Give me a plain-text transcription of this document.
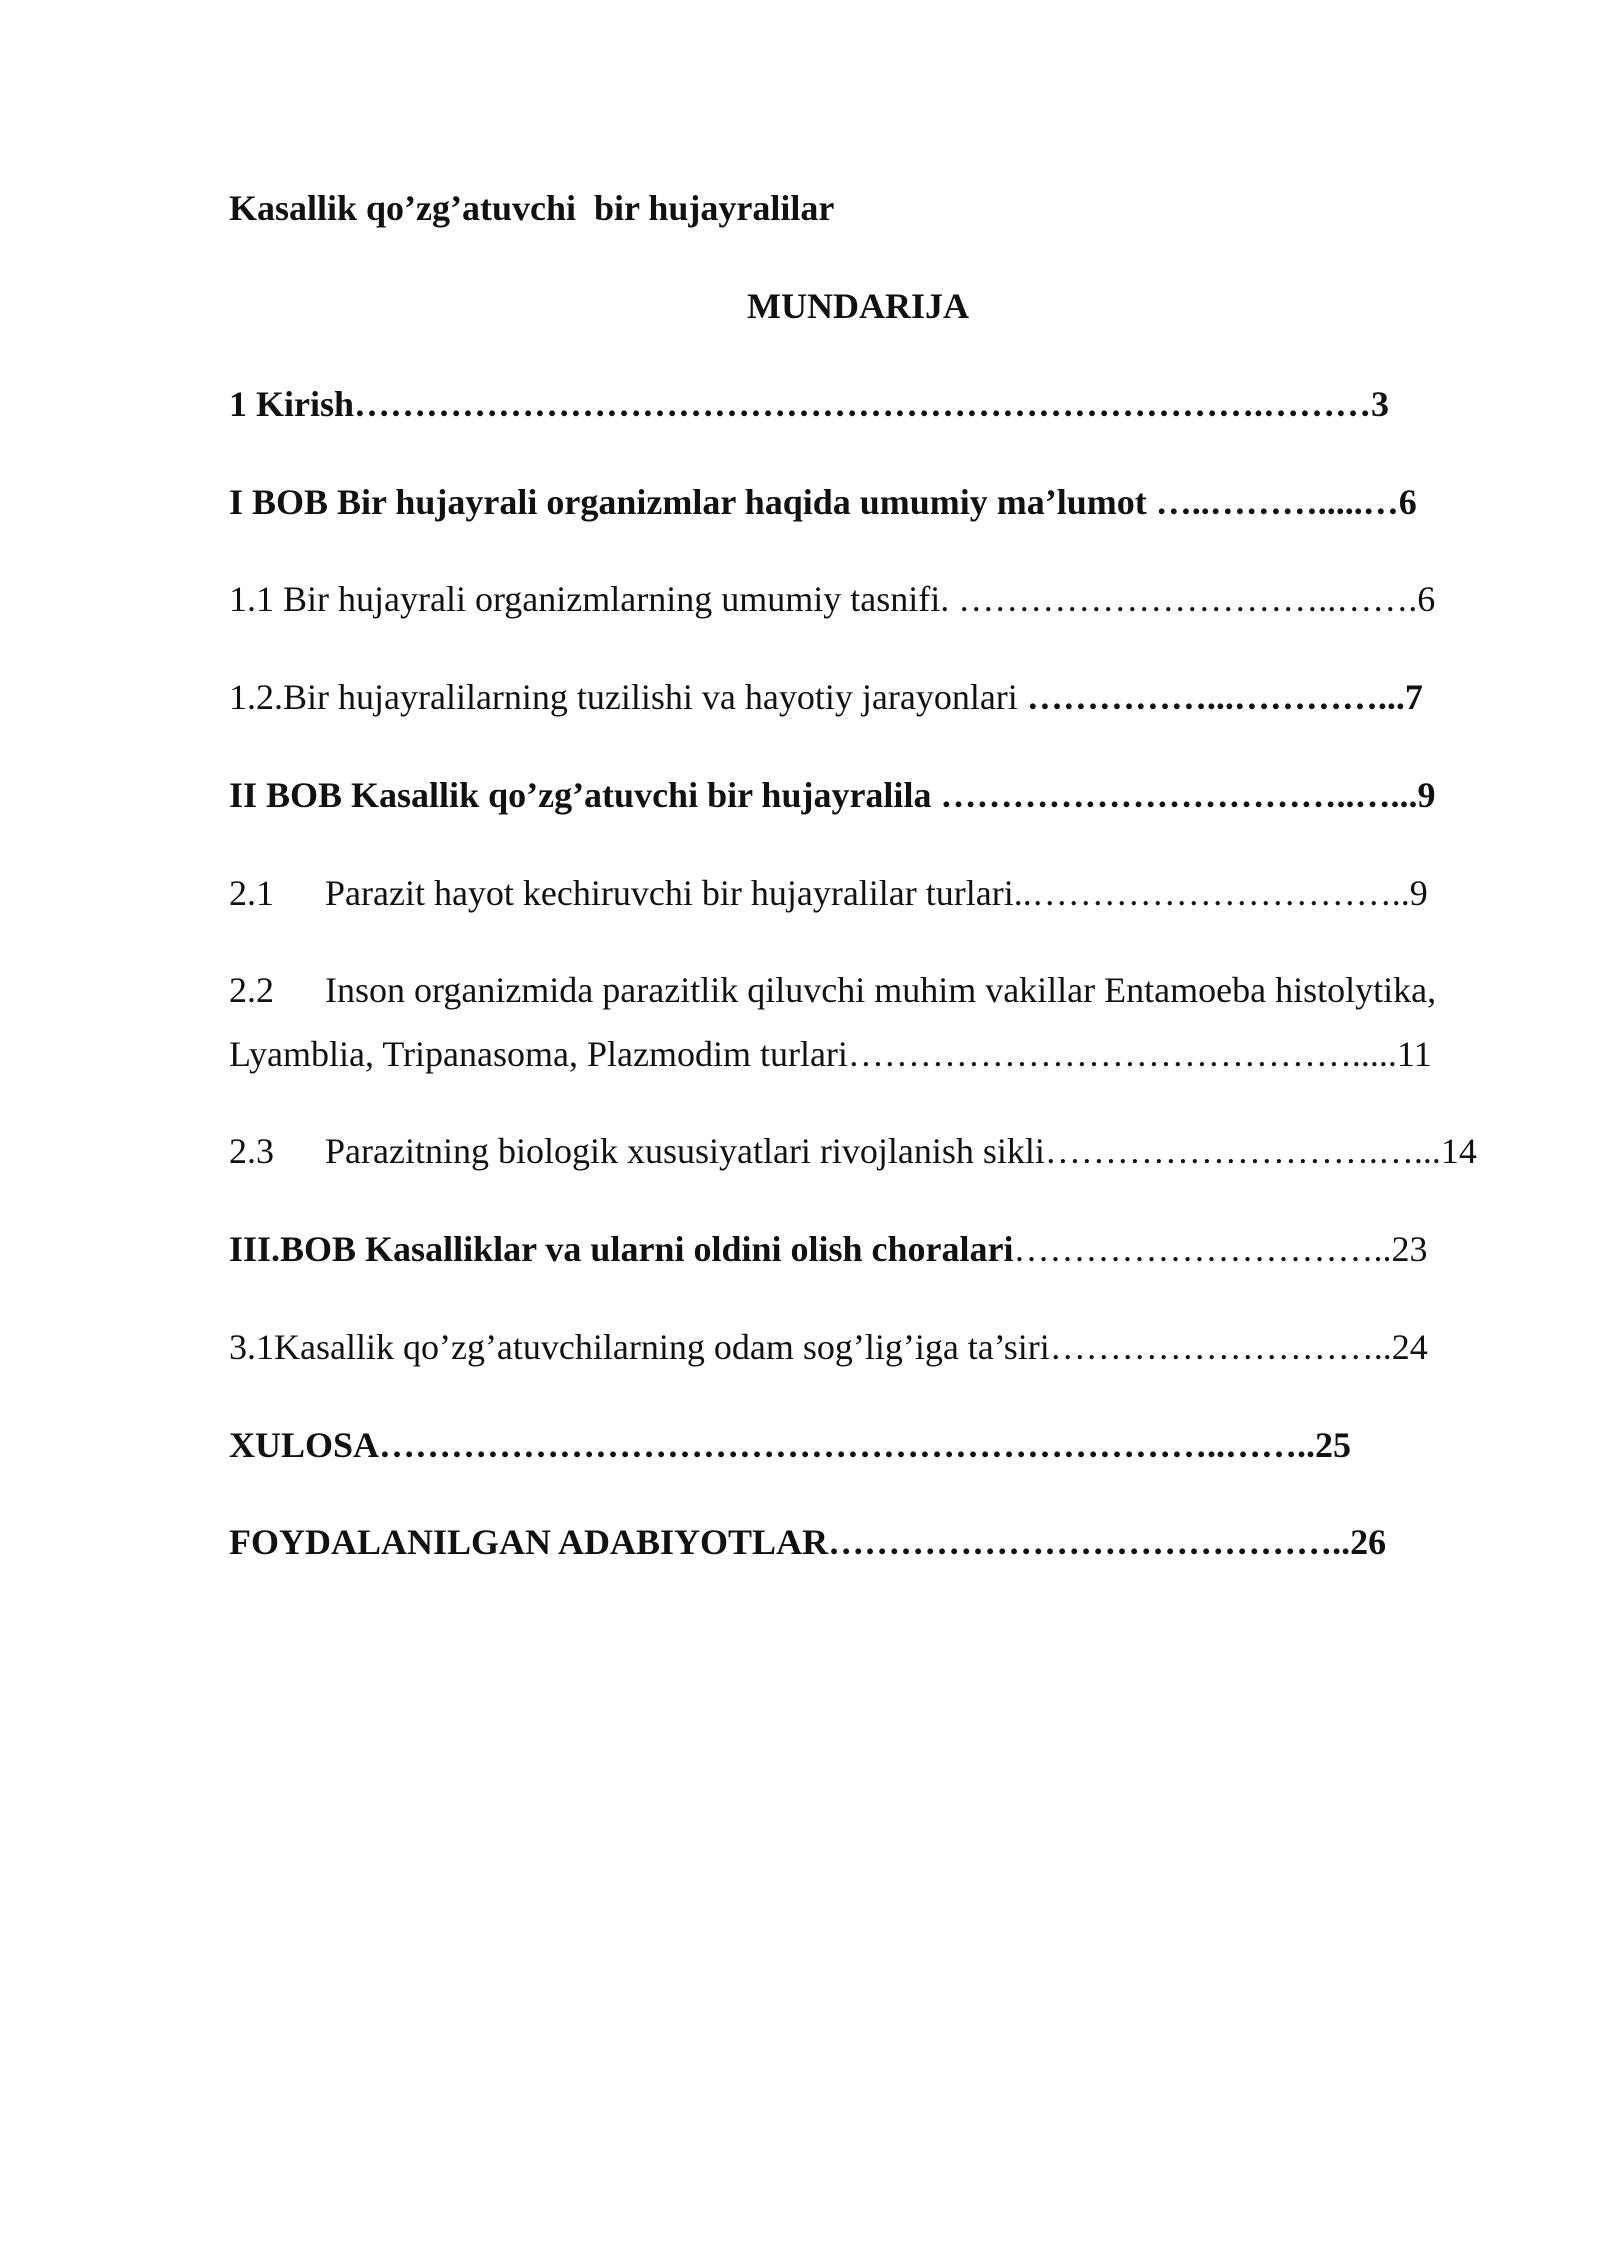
Kasallik qo’zg’atuvchi  bir hujayralilar
MUNDARIJA
1 Kirish………………………………………………………………….………3
I BOB Bir hujayrali organizmlar haqida umumiy ma’lumot …..……….....…6
1.1 Bir hujayrali organizmlarning umumiy tasnifi. …………………………..…….6
1.2.Bir hujayralilarning tuzilishi va hayotiy jarayonlari ……………...…………...7
II BOB Kasallik qo’zg’atuvchi bir hujayralila ……………………………..…...9
2.1 Parazit hayot kechiruvchi bir hujayralilar turlari..…………………………..9
2.2 Inson organizmida parazitlik qiluvchi muhim vakillar Entamoeba histolytika,
Lyamblia, Tripanasoma, Plazmodim turlari…………………………………….....11
2.3 Parazitning biologik xususiyatlari rivojlanish sikli……………………….…...14
III.BOB Kasalliklar va ularni oldini olish choralari…………………………..23
3.1Kasallik qo’zg’atuvchilarning odam sog’lig’iga ta’siri………………………..24
XULOSA……………………………………………………………..……..25
FOYDALANILGAN ADABIYOTLAR……………………………………..26
